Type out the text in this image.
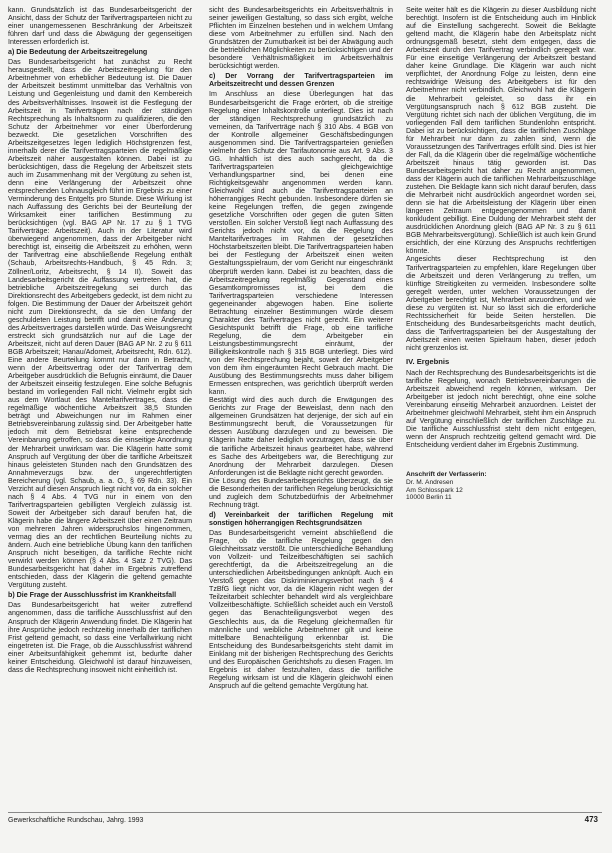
kann. Grundsätzlich ist das Bundesarbeitsgericht der Ansicht, dass der Schutz der Tarifvertragsparteien nicht zu einer unangemessenen Beschränkung der Arbeitszeit führen darf und dass die Abwägung der gegenseitigen Interessen erforderlich ist.

a) Die Bedeutung der Arbeitszeitregelung

Das Bundesarbeitsgericht hat zunächst zu Recht herausgestellt, dass die Arbeitszeitregelung für den Arbeitnehmer von erheblicher Bedeutung ist. Die Dauer der Arbeitszeit bestimmt unmittelbar das Verhältnis von Leistung und Gegenleistung und damit den Kernbereich des Arbeitsverhältnisses. Insoweit ist die Festlegung der Arbeitszeit in Tarifverträgen nach der ständigen Rechtsprechung als Inhaltsnorm zu qualifizieren, die den Schutz der Arbeitnehmer vor einer Überforderung bezweckt. Die gesetzlichen Vorschriften des Arbeitszeitgesetzes legen lediglich Höchstgrenzen fest, innerhalb derer die Tarifvertragsparteien die regelmäßige Arbeitszeit näher ausgestalten können. Dabei ist zu berücksichtigen, dass die Regelung der Arbeitszeit stets auch im Zusammenhang mit der Vergütung zu sehen ist, denn eine Verlängerung der Arbeitszeit ohne entsprechenden Lohnausgleich führt im Ergebnis zu einer Verminderung des Entgelts pro Stunde. Diese Wirkung ist nach Auffassung des Gerichts bei der Beurteilung der Wirksamkeit einer tariflichen Bestimmung zu berücksichtigen (vgl. BAG AP Nr. 17 zu § 1 TVG Tarifverträge: Arbeitszeit). Auch in der Literatur wird überwiegend angenommen, dass der Arbeitgeber nicht berechtigt ist, einseitig die Arbeitszeit zu erhöhen, wenn der Tarifvertrag eine abschließende Regelung enthält (Schaub, Arbeitsrechts-Handbuch, § 45 Rdn. 3; Zöllner/Loritz, Arbeitsrecht, § 14 II). Soweit das Landesarbeitsgericht die Auffassung vertreten hat, die betriebliche Arbeitszeitregelung sei durch das Direktionsrecht des Arbeitgebers gedeckt, ist dem nicht zu folgen. Die Bestimmung der Dauer der Arbeitszeit gehört nicht zum Direktionsrecht, da sie den Umfang der geschuldeten Leistung betrifft und damit eine Änderung des Arbeitsvertrages darstellen würde. Das Weisungsrecht erstreckt sich grundsätzlich nur auf die Lage der Arbeitszeit, nicht auf deren Dauer (BAG AP Nr. 2 zu § 611 BGB Arbeitszeit; Hanau/Adomeit, Arbeitsrecht, Rdn. 612). Eine andere Beurteilung kommt nur dann in Betracht, wenn der Arbeitsvertrag oder der Tarifvertrag dem Arbeitgeber ausdrücklich die Befugnis einräumt, die Dauer der Arbeitszeit einseitig festzulegen. Eine solche Befugnis bestand im vorliegenden Fall nicht. Vielmehr ergibt sich aus dem Wortlaut des Manteltarifvertrages, dass die regelmäßige wöchentliche Arbeitszeit 38,5 Stunden beträgt und Abweichungen nur im Rahmen einer Betriebsvereinbarung zulässig sind. Der Arbeitgeber hatte jedoch mit dem Betriebsrat keine entsprechende Vereinbarung getroffen, so dass die einseitige Anordnung der Mehrarbeit unwirksam war. Die Klägerin hatte somit Anspruch auf Vergütung der über die tarifliche Arbeitszeit hinaus geleisteten Stunden nach den Grundsätzen des Annahmeverzugs bzw. der ungerechtfertigten Bereicherung (vgl. Schaub, a. a. O., § 69 Rdn. 33). Ein Verzicht auf diesen Anspruch liegt nicht vor, da ein solcher nach § 4 Abs. 4 TVG nur in einem von den Tarifvertragsparteien gebilligten Vergleich zulässig ist. Soweit der Arbeitgeber sich darauf berufen hat, die Klägerin habe die längere Arbeitszeit über einen Zeitraum von mehreren Jahren widerspruchslos hingenommen, vermag dies an der rechtlichen Beurteilung nichts zu ändern. Auch eine betriebliche Übung kann den tariflichen Anspruch nicht beseitigen, da tarifliche Rechte nicht verwirkt werden können (§ 4 Abs. 4 Satz 2 TVG). Das Bundesarbeitsgericht hat daher im Ergebnis zutreffend entschieden, dass der Klägerin die geltend gemachte Vergütung zusteht.

b) Die Frage der Ausschlussfrist im Krankheitsfall

Das Bundesarbeitsgericht hat weiter zutreffend angenommen, dass die tarifliche Ausschlussfrist auf den Anspruch der Klägerin Anwendung findet. Die Klägerin hat ihre Ansprüche jedoch rechtzeitig innerhalb der tariflichen Frist geltend gemacht, so dass eine Verfallwirkung nicht eingetreten ist. Die Frage, ob die Ausschlussfrist während einer Arbeitsunfähigkeit gehemmt ist, bedurfte daher keiner Entscheidung. Gleichwohl ist darauf hinzuweisen, dass die Rechtsprechung insoweit nicht einheitlich ist.

sicht des Bundesarbeitsgerichts ein Arbeitsverhältnis in seiner jeweiligen Gestaltung, so dass sich ergibt, welche Pflichten im Einzelnen bestehen und in welchem Umfang diese vom Arbeitnehmer zu erfüllen sind. Nach den Grundsätzen der Zumutbarkeit ist bei der Abwägung auch die betrieblichen Möglichkeiten zu berücksichtigen und der besondere Verhältnismäßigkeit im Arbeitsverhältnis berücksichtigt werden.

c) Der Vorrang der Tarifvertragsparteien im Arbeitszeitrecht und dessen Grenzen

Im Anschluss an diese Überlegungen hat das Bundesarbeitsgericht die Frage erörtert, ob die streitige Regelung einer Inhaltskontrolle unterliegt. Dies ist nach der ständigen Rechtsprechung grundsätzlich zu verneinen, da Tarifverträge nach § 310 Abs. 4 BGB von der Kontrolle allgemeiner Geschäftsbedingungen ausgenommen sind. Die Tarifvertragsparteien genießen vielmehr den Schutz der Tarifautonomie aus Art. 9 Abs. 3 GG. Inhaltlich ist dies auch sachgerecht, da die Tarifvertragsparteien gleichgewichtige Verhandlungspartner sind, bei denen eine Richtigkeitsgewähr angenommen werden kann. Gleichwohl sind auch die Tarifvertragsparteien an höherrangiges Recht gebunden. Insbesondere dürfen sie keine Regelungen treffen, die gegen zwingende gesetzliche Vorschriften oder gegen die guten Sitten verstoßen. Ein solcher Verstoß liegt nach Auffassung des Gerichts jedoch nicht vor, da die Regelung des Manteltarifvertrages im Rahmen der gesetzlichen Höchstarbeitszeiten bleibt. Die Tarifvertragsparteien haben bei der Festlegung der Arbeitszeit einen weiten Gestaltungsspielraum, der vom Gericht nur eingeschränkt überprüft werden kann. Dabei ist zu beachten, dass die Arbeitszeitregelung regelmäßig Gegenstand eines Gesamtkompromisses ist, bei dem die Tarifvertragsparteien verschiedene Interessen gegeneinander abgewogen haben. Eine isolierte Betrachtung einzelner Bestimmungen würde diesem Charakter des Tarifvertrages nicht gerecht. Ein weiterer Gesichtspunkt betrifft die Frage, ob eine tarifliche Regelung, die dem Arbeitgeber ein Leistungsbestimmungsrecht einräumt, der Billigkeitskontrolle nach § 315 BGB unterliegt. Dies wird von der Rechtsprechung bejaht, soweit der Arbeitgeber von dem ihm eingeräumten Recht Gebrauch macht. Die Ausübung des Bestimmungsrechts muss daher billigem Ermessen entsprechen, was gerichtlich überprüft werden kann.

Bestätigt wird dies auch durch die Erwägungen des Gerichts zur Frage der Beweislast, denn nach den allgemeinen Grundsätzen hat derjenige, der sich auf ein Bestimmungsrecht beruft, die Voraussetzungen für dessen Ausübung darzulegen und zu beweisen. Die Klägerin hatte daher lediglich vorzutragen, dass sie über die tarifliche Arbeitszeit hinaus gearbeitet habe, während es Sache des Arbeitgebers war, die Berechtigung zur Anordnung der Mehrarbeit darzulegen. Diesen Anforderungen ist die Beklagte nicht gerecht geworden.

Die Lösung des Bundesarbeitsgerichts überzeugt, da sie die Besonderheiten der tariflichen Regelung berücksichtigt und zugleich dem Schutzbedürfnis der Arbeitnehmer Rechnung trägt.

d) Vereinbarkeit der tariflichen Regelung mit sonstigen höherrangigen Rechtsgrundsätzen

Das Bundesarbeitsgericht verneint abschließend die Frage, ob die tarifliche Regelung gegen den Gleichheitssatz verstößt. Die unterschiedliche Behandlung von Vollzeit- und Teilzeitbeschäftigten sei sachlich gerechtfertigt, da die Arbeitszeitregelung an die unterschiedlichen Arbeitsbedingungen anknüpft. Auch ein Verstoß gegen das Diskriminierungsverbot nach § 4 TzBfG liegt nicht vor, da die Klägerin nicht wegen der Teilzeitarbeit schlechter behandelt wird als vergleichbare Vollzeitbeschäftigte. Schließlich scheidet auch ein Verstoß gegen das Benachteiligungsverbot wegen des Geschlechts aus, da die Regelung gleichermaßen für männliche und weibliche Arbeitnehmer gilt und keine mittelbare Benachteiligung erkennbar ist. Die Entscheidung des Bundesarbeitsgerichts steht damit im Einklang mit der bisherigen Rechtsprechung des Gerichts und des Europäischen Gerichtshofs zu diesen Fragen. Im Ergebnis ist daher festzuhalten, dass die tarifliche Regelung wirksam ist und die Klägerin gleichwohl einen Anspruch auf die geltend gemachte Vergütung hat.

Seite weiter hält es die Klägerin zu dieser Ausbildung nicht berechtigt. Insofern ist die Entscheidung auch im Hinblick auf die Einstellung sachgerecht. Soweit die Beklagte geltend macht, die Klägerin habe den Arbeitsplatz nicht ordnungsgemäß besetzt, steht dem entgegen, dass die Arbeitszeit durch den Tarifvertrag verbindlich geregelt war. Für eine einseitige Verlängerung der Arbeitszeit bestand daher keine Grundlage. Die Klägerin war auch nicht verpflichtet, der Anordnung Folge zu leisten, denn eine rechtswidrige Weisung des Arbeitgebers ist für den Arbeitnehmer nicht verbindlich. Gleichwohl hat die Klägerin die Mehrarbeit geleistet, so dass ihr ein Vergütungsanspruch nach § 612 BGB zusteht. Die Vergütung richtet sich nach der üblichen Vergütung, die im vorliegenden Fall dem tariflichen Stundenlohn entspricht. Dabei ist zu berücksichtigen, dass die tariflichen Zuschläge für Mehrarbeit nur dann zu zahlen sind, wenn die Voraussetzungen des Tarifvertrages erfüllt sind. Dies ist hier der Fall, da die Klägerin über die regelmäßige wöchentliche Arbeitszeit hinaus tätig geworden ist. Das Bundesarbeitsgericht hat daher zu Recht angenommen, dass der Klägerin auch die tariflichen Mehrarbeitszuschläge zustehen. Die Beklagte kann sich nicht darauf berufen, dass die Mehrarbeit nicht ausdrücklich angeordnet worden sei, denn sie hat die Arbeitsleistung der Klägerin über einen längeren Zeitraum entgegengenommen und damit konkludent gebilligt. Eine Duldung der Mehrarbeit steht der ausdrücklichen Anordnung gleich (BAG AP Nr. 3 zu § 611 BGB Mehrarbeitsvergütung). Schließlich ist auch kein Grund ersichtlich, der eine Kürzung des Anspruchs rechtfertigen könnte.

Angesichts dieser Rechtsprechung ist den Tarifvertragsparteien zu empfehlen, klare Regelungen über die Arbeitszeit und deren Verlängerung zu treffen, um künftige Streitigkeiten zu vermeiden. Insbesondere sollte geregelt werden, unter welchen Voraussetzungen der Arbeitgeber berechtigt ist, Mehrarbeit anzuordnen, und wie diese zu vergüten ist. Nur so lässt sich die erforderliche Rechtssicherheit für beide Seiten herstellen. Die Entscheidung des Bundesarbeitsgerichts macht deutlich, dass die Tarifvertragsparteien bei der Ausgestaltung der Arbeitszeit einen weiten Spielraum haben, dieser jedoch nicht grenzenlos ist.

IV. Ergebnis

Nach der Rechtsprechung des Bundesarbeitsgerichts ist die tarifliche Regelung, wonach Betriebsvereinbarungen die Arbeitszeit abweichend regeln können, wirksam. Der Arbeitgeber ist jedoch nicht berechtigt, ohne eine solche Vereinbarung einseitig Mehrarbeit anzuordnen. Leistet der Arbeitnehmer gleichwohl Mehrarbeit, steht ihm ein Anspruch auf Vergütung einschließlich der tariflichen Zuschläge zu. Die tarifliche Ausschlussfrist steht dem nicht entgegen, wenn der Anspruch rechtzeitig geltend gemacht wird. Die Entscheidung verdient daher im Ergebnis Zustimmung.

Anschrift der Verfasserin:
Dr. M. Andresen
Am Schlosspark 12
10000 Berlin 11
Gewerkschaftliche Rundschau, Jahrg. 1993	473
